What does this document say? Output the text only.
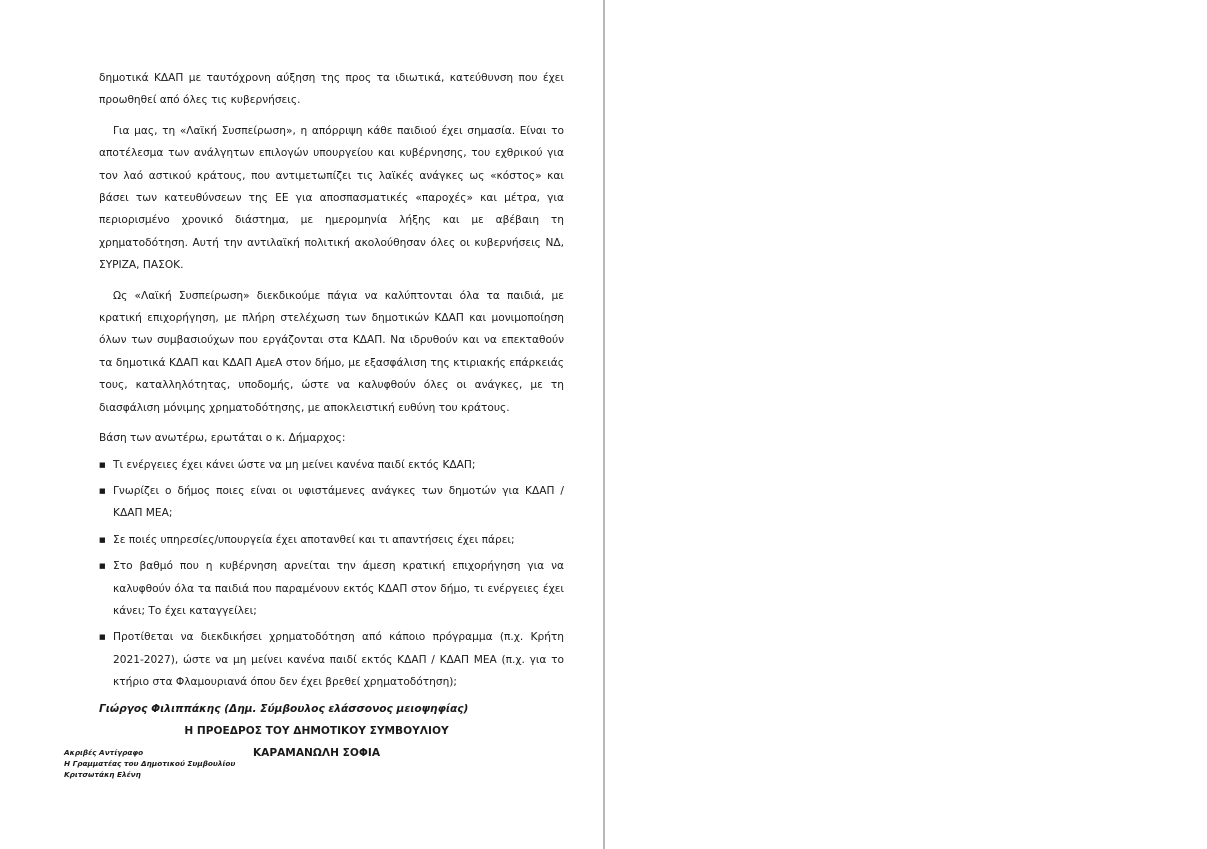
δημοτικά ΚΔΑΠ με ταυτόχρονη αύξηση της προς τα ιδιωτικά, κατεύθυνση που έχει προωθηθεί από όλες τις κυβερνήσεις.

Για μας, τη «Λαϊκή Συσπείρωση», η απόρριψη κάθε παιδιού έχει σημασία. Είναι το αποτέλεσμα των ανάλγητων επιλογών υπουργείου και κυβέρνησης, του εχθρικού για τον λαό αστικού κράτους, που αντιμετωπίζει τις λαϊκές ανάγκες ως «κόστος» και βάσει των κατευθύνσεων της ΕΕ για αποσπασματικές «παροχές» και μέτρα, για περιορισμένο χρονικό διάστημα, με ημερομηνία λήξης και με αβέβαιη τη χρηματοδότηση. Αυτή την αντιλαϊκή πολιτική ακολούθησαν όλες οι κυβερνήσεις ΝΔ, ΣΥΡΙΖΑ, ΠΑΣΟΚ.

Ως «Λαϊκή Συσπείρωση» διεκδικούμε πάγια να καλύπτονται όλα τα παιδιά, με κρατική επιχορήγηση, με πλήρη στελέχωση των δημοτικών ΚΔΑΠ και μονιμοποίηση όλων των συμβασιούχων που εργάζονται στα ΚΔΑΠ. Να ιδρυθούν και να επεκταθούν τα δημοτικά ΚΔΑΠ και ΚΔΑΠ ΑμεΑ στον δήμο, με εξασφάλιση της κτιριακής επάρκειάς τους, καταλληλότητας, υποδομής, ώστε να καλυφθούν όλες οι ανάγκες, με τη διασφάλιση μόνιμης χρηματοδότησης, με αποκλειστική ευθύνη του κράτους.

Βάση των ανωτέρω, ερωτάται ο κ. Δήμαρχος:

■ Τι ενέργειες έχει κάνει ώστε να μη μείνει κανένα παιδί εκτός ΚΔΑΠ;
■ Γνωρίζει ο δήμος ποιες είναι οι υφιστάμενες ανάγκες των δημοτών για ΚΔΑΠ / ΚΔΑΠ ΜΕΑ;
■ Σε ποιές υπηρεσίες/υπουργεία έχει αποτανθεί και τι απαντήσεις έχει πάρει;
■ Στο βαθμό που η κυβέρνηση αρνείται την άμεση κρατική επιχορήγηση για να καλυφθούν όλα τα παιδιά που παραμένουν εκτός ΚΔΑΠ στον δήμο, τι ενέργειες έχει κάνει; Το έχει καταγγείλει;
■ Προτίθεται να διεκδικήσει χρηματοδότηση από κάποιο πρόγραμμα (π.χ. Κρήτη 2021-2027), ώστε να μη μείνει κανένα παιδί εκτός ΚΔΑΠ / ΚΔΑΠ ΜΕΑ (π.χ. για το κτήριο στα Φλαμουριανά όπου δεν έχει βρεθεί χρηματοδότηση);
Γιώργος Φιλιππάκης (Δημ. Σύμβουλος ελάσσονος μειοψηφίας)
Η ΠΡΟΕΔΡΟΣ ΤΟΥ ΔΗΜΟΤΙΚΟΥ ΣΥΜΒΟΥΛΙΟΥ
ΚΑΡΑΜΑΝΩΛΗ ΣΟΦΙΑ
Ακριβές Αντίγραφο
Η Γραμματέας του Δημοτικού Συμβουλίου
Κριτσωτάκη Ελένη
